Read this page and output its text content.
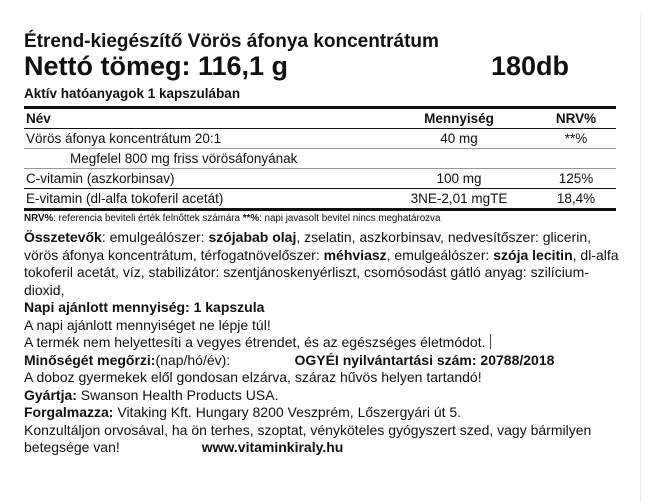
Étrend-kiegészítő Vörös áfonya koncentrátum
Nettó tömeg: 116,1 g	180db
Aktív hatóanyagok 1 kapszulában
Név	Mennyiség	NRV%
Vörös áfonya koncentrátum 20:1	40 mg	**%
Megfelel 800 mg friss vörösáfonyának		
C-vitamin (aszkorbinsav)	100 mg	125%
E-vitamin (dl-alfa tokoferil acetát)	3NE-2,01 mgTE	18,4%
NRV%: referencia beviteli érték felnőttek számára **%: napi javasolt bevitel nincs meghatározva

Összetevők: emulgeálószer: szójabab olaj, zselatin, aszkorbinsav, nedvesítőszer: glicerin, vörös áfonya koncentrátum, térfogatnövelőszer: méhviasz, emulgeálószer: szója lecitin, dl-alfa tokoferil acetát, víz, stabilizátor: szentjánoskenyérliszt, csomósodást gátló anyag: szilícium-dioxid,

Napi ajánlott mennyiség: 1 kapszula

A napi ajánlott mennyiséget ne lépje túl!

A termék nem helyettesíti a vegyes étrendet, és az egészséges életmódot.

Minőségét megőrzi:(nap/hó/év):	OGYÉI nyilvántartási szám: 20788/2018

A doboz gyermekek elől gondosan elzárva, száraz hűvös helyen tartandó!

Gyártja: Swanson Health Products USA.

Forgalmazza: Vitaking Kft. Hungary 8200 Veszprém, Lőszergyári út 5.

Konzultáljon orvosával, ha ön terhes, szoptat, vényköteles gyógyszert szed, vagy bármilyen betegsége van!	www.vitaminkiraly.hu
